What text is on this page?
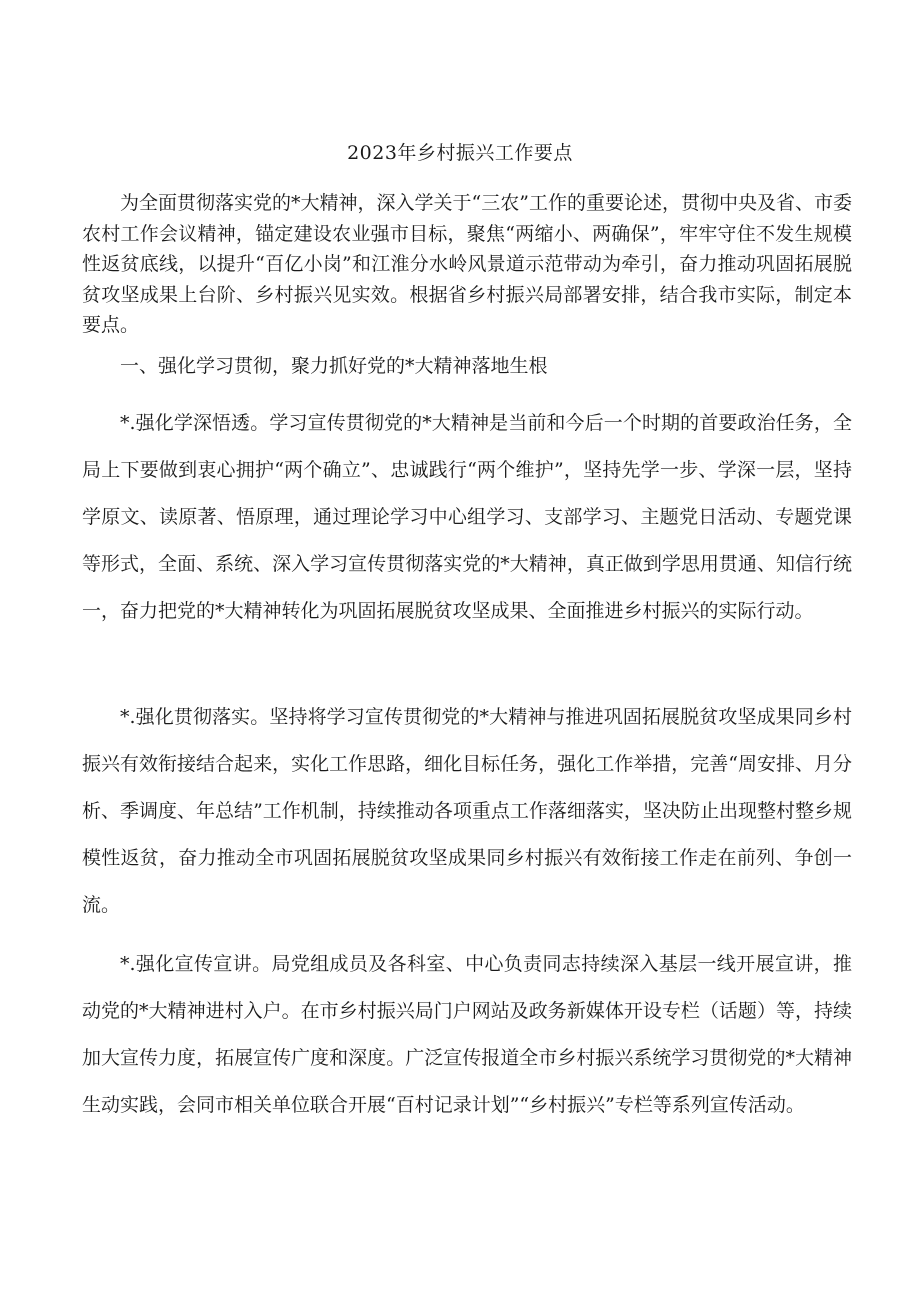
2023年乡村振兴工作要点

为全面贯彻落实党的*大精神，深入学关于“三农”工作的重要论述，贯彻中央及省、市委农村工作会议精神，锚定建设农业强市目标，聚焦“两缩小、两确保”，牢牢守住不发生规模性返贫底线，以提升“百亿小岗”和江淮分水岭风景道示范带动为牵引，奋力推动巩固拓展脱贫攻坚成果上台阶、乡村振兴见实效。根据省乡村振兴局部署安排，结合我市实际，制定本要点。

一、强化学习贯彻，聚力抓好党的*大精神落地生根

*.强化学深悟透。学习宣传贯彻党的*大精神是当前和今后一个时期的首要政治任务，全局上下要做到衷心拥护“两个确立”、忠诚践行“两个维护”，坚持先学一步、学深一层，坚持学原文、读原著、悟原理，通过理论学习中心组学习、支部学习、主题党日活动、专题党课等形式，全面、系统、深入学习宣传贯彻落实党的*大精神，真正做到学思用贯通、知信行统一，奋力把党的*大精神转化为巩固拓展脱贫攻坚成果、全面推进乡村振兴的实际行动。

*.强化贯彻落实。坚持将学习宣传贯彻党的*大精神与推进巩固拓展脱贫攻坚成果同乡村振兴有效衔接结合起来，实化工作思路，细化目标任务，强化工作举措，完善“周安排、月分析、季调度、年总结”工作机制，持续推动各项重点工作落细落实，坚决防止出现整村整乡规模性返贫，奋力推动全市巩固拓展脱贫攻坚成果同乡村振兴有效衔接工作走在前列、争创一流。

*.强化宣传宣讲。局党组成员及各科室、中心负责同志持续深入基层一线开展宣讲，推动党的*大精神进村入户。在市乡村振兴局门户网站及政务新媒体开设专栏（话题）等，持续加大宣传力度，拓展宣传广度和深度。广泛宣传报道全市乡村振兴系统学习贯彻党的*大精神生动实践，会同市相关单位联合开展“百村记录计划”“乡村振兴”专栏等系列宣传活动。
